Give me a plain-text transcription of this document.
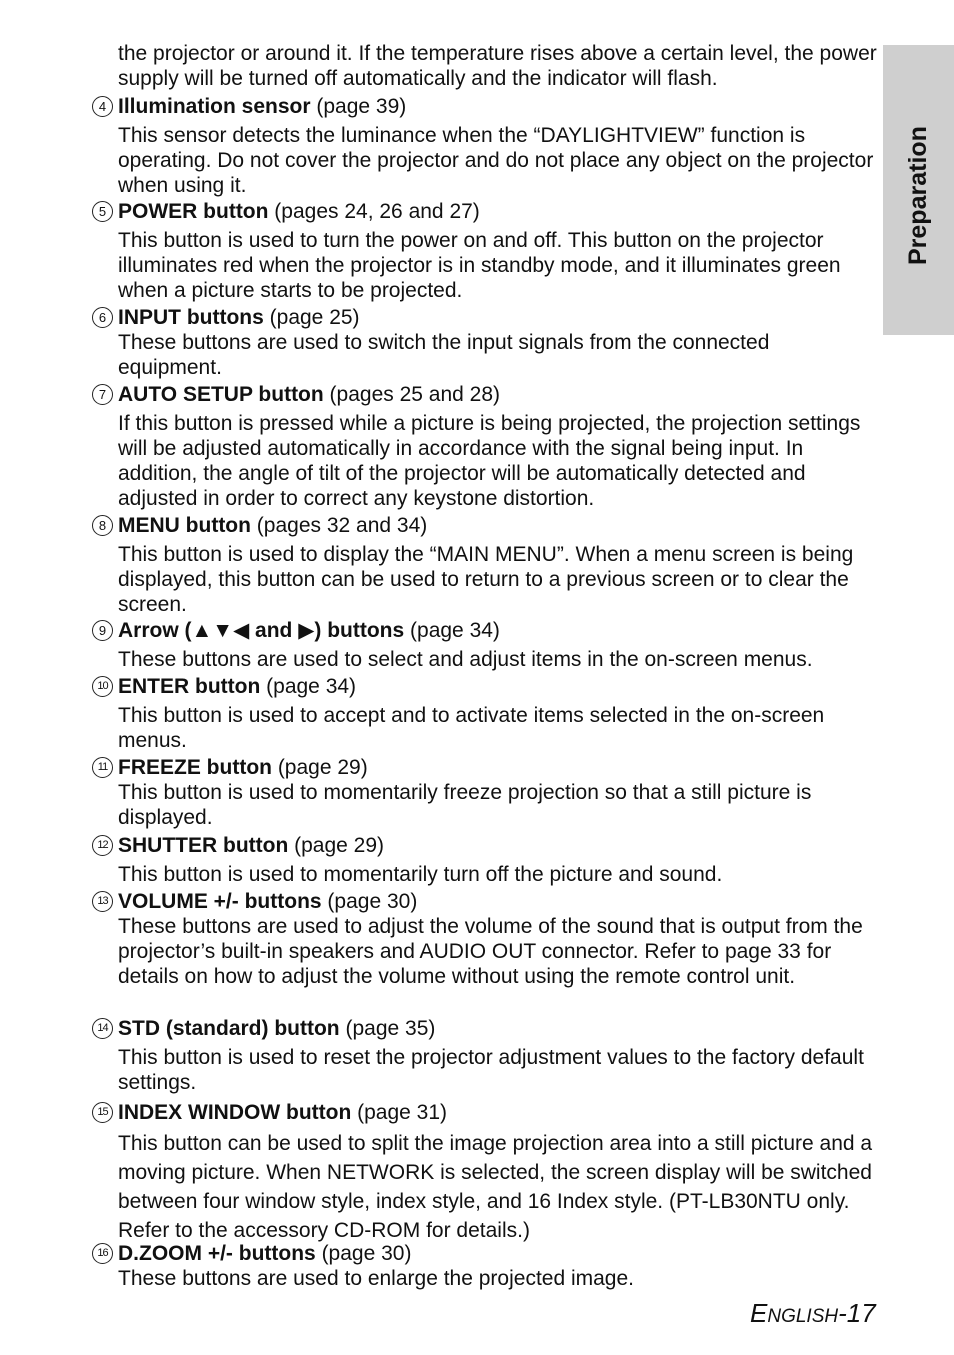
Preparation
the projector or around it. If the temperature rises above a certain level, the power supply will be turned off automatically and the indicator will flash.
4 Illumination sensor (page 39)
This sensor detects the luminance when the “DAYLIGHTVIEW” function is operating. Do not cover the projector and do not place any object on the projector when using it.
5 POWER button (pages 24, 26 and 27)
This button is used to turn the power on and off. This button on the projector illuminates red when the projector is in standby mode, and it illuminates green when a picture starts to be projected.
6 INPUT buttons (page 25)
These buttons are used to switch the input signals from the connected equipment.
7 AUTO SETUP button (pages 25 and 28)
If this button is pressed while a picture is being projected, the projection settings will be adjusted automatically in accordance with the signal being input. In addition, the angle of tilt of the projector will be automatically detected and adjusted in order to correct any keystone distortion.
8 MENU button (pages 32 and 34)
This button is used to display the “MAIN MENU”. When a menu screen is being displayed, this button can be used to return to a previous screen or to clear the screen.
9 Arrow (▲▼◀ and ▶) buttons (page 34)
These buttons are used to select and adjust items in the on-screen menus.
10 ENTER button (page 34)
This button is used to accept and to activate items selected in the on-screen menus.
11 FREEZE button (page 29)
This button is used to momentarily freeze projection so that a still picture is displayed.
12 SHUTTER button (page 29)
This button is used to momentarily turn off the picture and sound.
13 VOLUME +/- buttons (page 30)
These buttons are used to adjust the volume of the sound that is output from the projector’s built-in speakers and AUDIO OUT connector. Refer to page 33 for details on how to adjust the volume without using the remote control unit.
14 STD (standard) button (page 35)
This button is used to reset the projector adjustment values to the factory default settings.
15 INDEX WINDOW button (page 31)
This button can be used to split the image projection area into a still picture and a moving picture. When NETWORK is selected, the screen display will be switched between four window style, index style, and 16 Index style. (PT-LB30NTU only. Refer to the accessory CD-ROM for details.)
16 D.ZOOM +/- buttons (page 30)
These buttons are used to enlarge the projected image.
ENGLISH-17
